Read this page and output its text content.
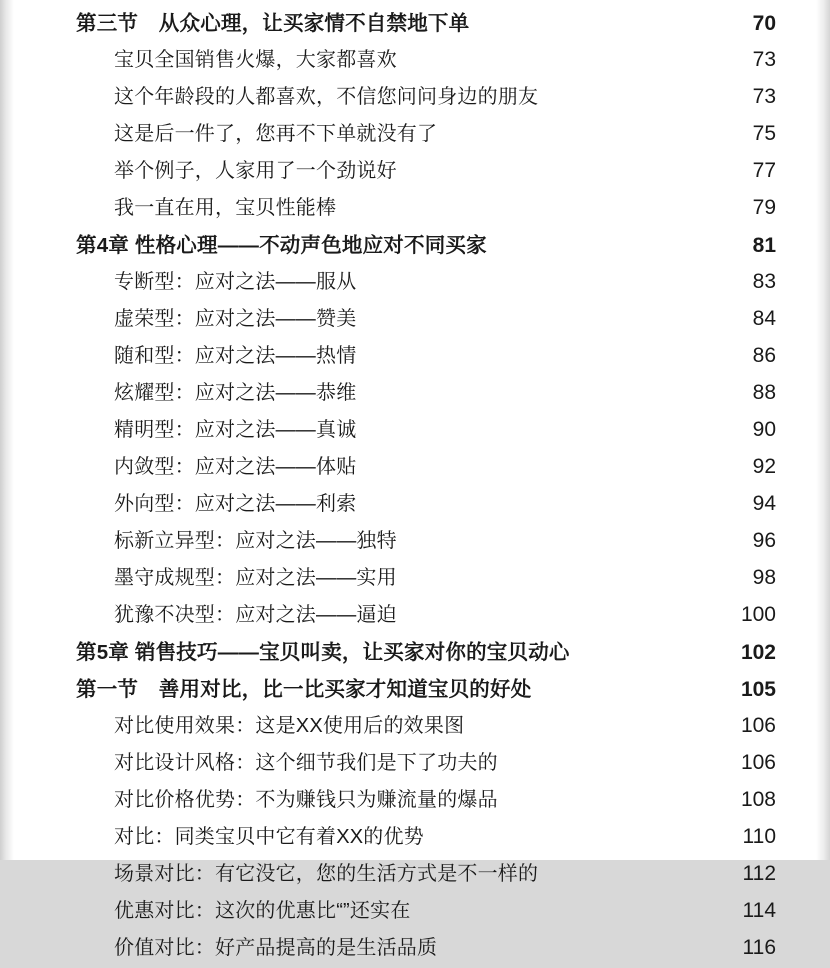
第三节　从众心理，让买家情不自禁地下单	70
宝贝全国销售火爆，大家都喜欢	73
这个年龄段的人都喜欢，不信您问问身边的朋友	73
这是后一件了，您再不下单就没有了	75
举个例子，人家用了一个劲说好	77
我一直在用，宝贝性能棒	79
第4章 性格心理——不动声色地应对不同买家	81
专断型：应对之法——服从	83
虚荣型：应对之法——赞美	84
随和型：应对之法——热情	86
炫耀型：应对之法——恭维	88
精明型：应对之法——真诚	90
内敛型：应对之法——体贴	92
外向型：应对之法——利索	94
标新立异型：应对之法——独特	96
墨守成规型：应对之法——实用	98
犹豫不决型：应对之法——逼迫	100
第5章 销售技巧——宝贝叫卖，让买家对你的宝贝动心	102
第一节　善用对比，比一比买家才知道宝贝的好处	105
对比使用效果：这是XX使用后的效果图	106
对比设计风格：这个细节我们是下了功夫的	106
对比价格优势：不为赚钱只为赚流量的爆品	108
对比：同类宝贝中它有着XX的优势	110
场景对比：有它没它，您的生活方式是不一样的	112
优惠对比：这次的优惠比“”还实在	114
价值对比：好产品提高的是生活品质	116
